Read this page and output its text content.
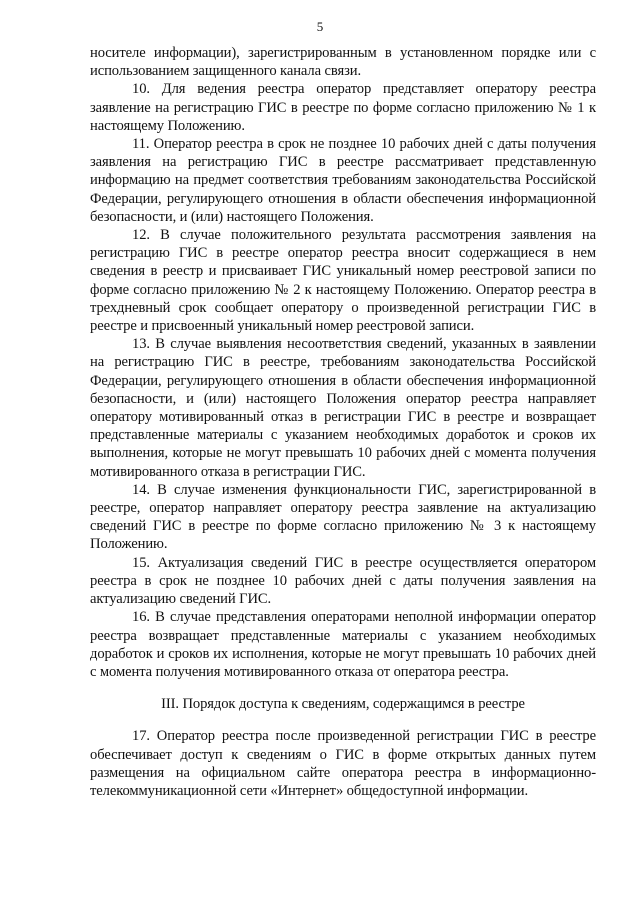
5

носителе информации), зарегистрированным в установленном порядке или с использованием защищенного канала связи.

10. Для ведения реестра оператор представляет оператору реестра заявление на регистрацию ГИС в реестре по форме согласно приложению № 1 к настоящему Положению.

11. Оператор реестра в срок не позднее 10 рабочих дней с даты получения заявления на регистрацию ГИС в реестре рассматривает представленную информацию на предмет соответствия требованиям законодательства Российской Федерации, регулирующего отношения в области обеспечения информационной безопасности, и (или) настоящего Положения.

12. В случае положительного результата рассмотрения заявления на регистрацию ГИС в реестре оператор реестра вносит содержащиеся в нем сведения в реестр и присваивает ГИС уникальный номер реестровой записи по форме согласно приложению № 2 к настоящему Положению. Оператор реестра в трехдневный срок сообщает оператору о произведенной регистрации ГИС в реестре и присвоенный уникальный номер реестровой записи.

13. В случае выявления несоответствия сведений, указанных в заявлении на регистрацию ГИС в реестре, требованиям законодательства Российской Федерации, регулирующего отношения в области обеспечения информационной безопасности, и (или) настоящего Положения оператор реестра направляет оператору мотивированный отказ в регистрации ГИС в реестре и возвращает представленные материалы с указанием необходимых доработок и сроков их выполнения, которые не могут превышать 10 рабочих дней с момента получения мотивированного отказа в регистрации ГИС.

14. В случае изменения функциональности ГИС, зарегистрированной в реестре, оператор направляет оператору реестра заявление на актуализацию сведений ГИС в реестре по форме согласно приложению № 3 к настоящему Положению.

15. Актуализация сведений ГИС в реестре осуществляется оператором реестра в срок не позднее 10 рабочих дней с даты получения заявления на актуализацию сведений ГИС.

16. В случае представления операторами неполной информации оператор реестра возвращает представленные материалы с указанием необходимых доработок и сроков их исполнения, которые не могут превышать 10 рабочих дней с момента получения мотивированного отказа от оператора реестра.

III. Порядок доступа к сведениям, содержащимся в реестре

17. Оператор реестра после произведенной регистрации ГИС в реестре обеспечивает доступ к сведениям о ГИС в форме открытых данных путем размещения на официальном сайте оператора реестра в информационно-телекоммуникационной сети «Интернет» общедоступной информации.
